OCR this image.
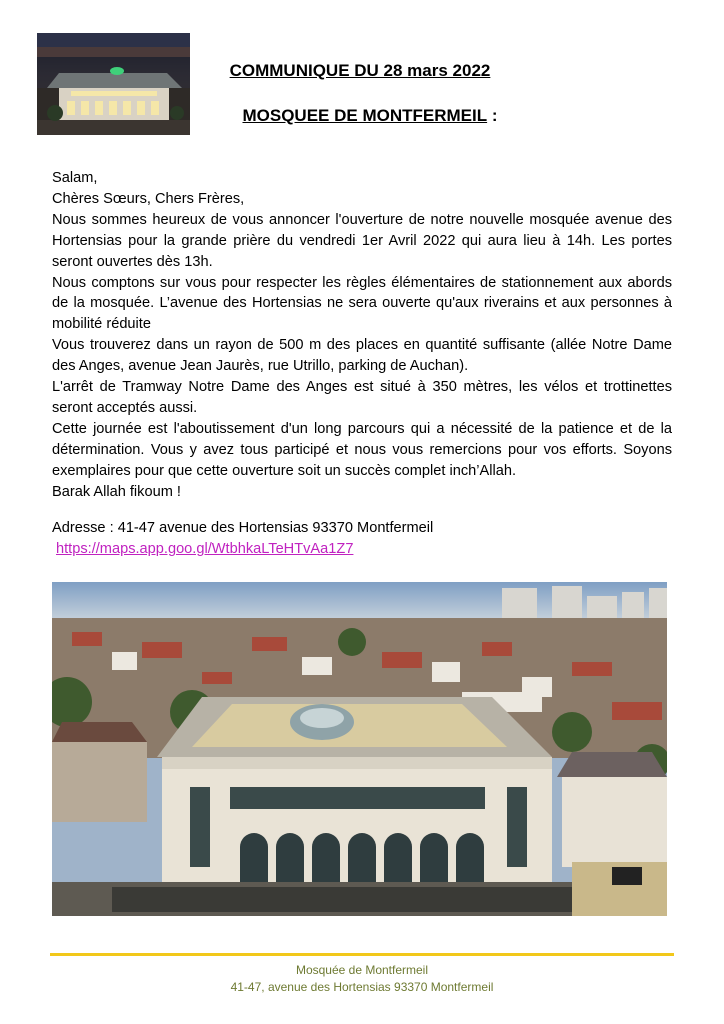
COMMUNIQUE DU 28 mars 2022
MOSQUEE DE MONTFERMEIL :

Salam,

Chères Sœurs, Chers Frères,

Nous sommes heureux de vous annoncer l'ouverture de notre nouvelle mosquée avenue des Hortensias pour la grande prière du vendredi 1er Avril 2022 qui aura lieu à 14h. Les portes seront ouvertes dès 13h.

Nous comptons sur vous pour respecter les règles élémentaires de stationnement aux abords de la mosquée. L’avenue des Hortensias ne sera ouverte qu'aux riverains et aux personnes à mobilité réduite

Vous trouverez dans un rayon de 500 m des places en quantité suffisante (allée Notre Dame des Anges, avenue Jean Jaurès, rue Utrillo, parking de Auchan).

L'arrêt de Tramway Notre Dame des Anges est situé à 350 mètres, les vélos et trottinettes seront acceptés aussi.

Cette journée est l'aboutissement d'un long parcours qui a nécessité de la patience et de la détermination. Vous y avez tous participé et nous vous remercions pour vos efforts. Soyons exemplaires pour que cette ouverture soit un succès complet inch’Allah.

Barak Allah fikoum !

Adresse : 41-47 avenue des Hortensias 93370 Montfermeil
https://maps.app.goo.gl/WtbhkaLTeHTvAa1Z7
Mosquée de Montfermeil
41-47, avenue des Hortensias 93370 Montfermeil
